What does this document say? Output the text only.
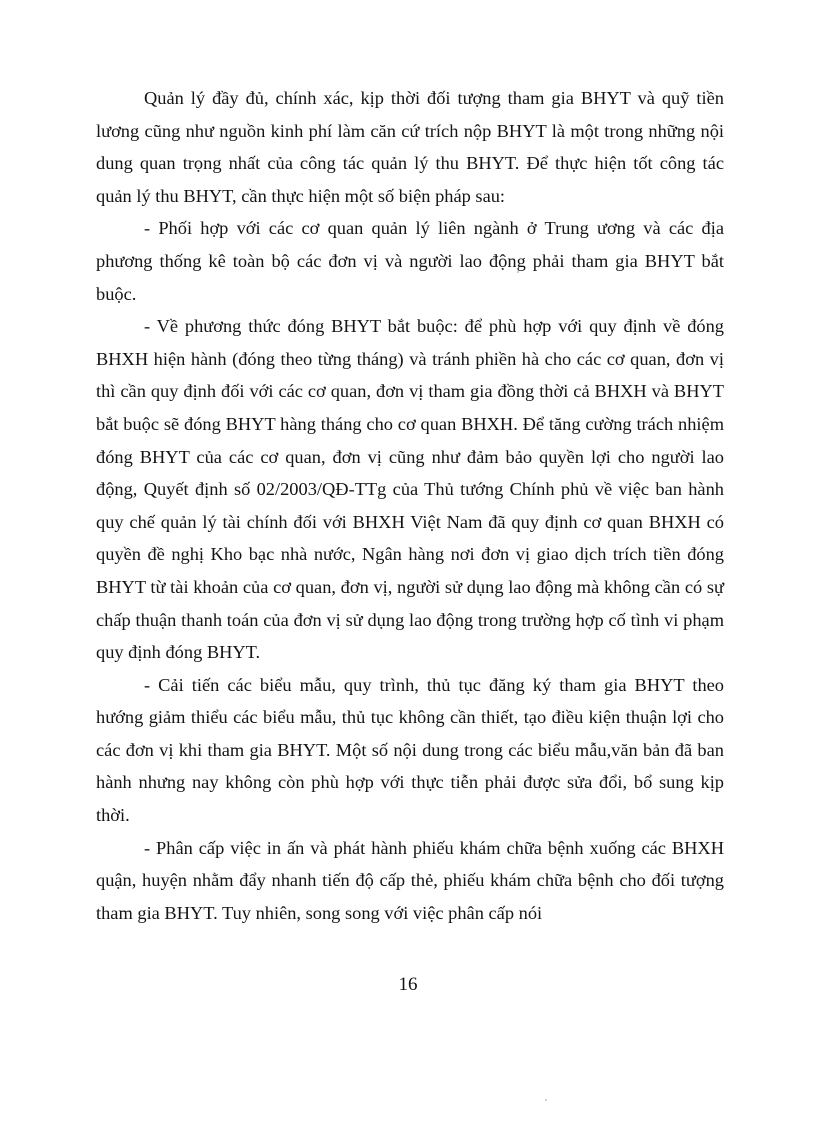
Quản lý đầy đủ, chính xác, kịp thời đối tượng tham gia BHYT và quỹ tiền lương cũng như nguồn kinh phí làm căn cứ trích nộp BHYT là một trong những nội dung quan trọng nhất của công tác quản lý thu BHYT. Để thực hiện tốt công tác quản lý thu BHYT, cần thực hiện một số biện pháp sau:

- Phối hợp với các cơ quan quản lý liên ngành ở Trung ương và các địa phương thống kê toàn bộ các đơn vị và người lao động phải tham gia BHYT bắt buộc.

- Về phương thức đóng BHYT bắt buộc: để phù hợp với quy định về đóng BHXH hiện hành (đóng theo từng tháng) và tránh phiền hà cho các cơ quan, đơn vị thì cần quy định đối với các cơ quan, đơn vị tham gia đồng thời cả BHXH và BHYT bắt buộc sẽ đóng BHYT hàng tháng cho cơ quan BHXH. Để tăng cường trách nhiệm đóng BHYT của các cơ quan, đơn vị cũng như đảm bảo quyền lợi cho người lao động, Quyết định số 02/2003/QĐ-TTg của Thủ tướng Chính phủ về việc ban hành quy chế quản lý tài chính đối với BHXH Việt Nam đã quy định cơ quan BHXH có quyền đề nghị Kho bạc nhà nước, Ngân hàng nơi đơn vị giao dịch trích tiền đóng BHYT từ tài khoản của cơ quan, đơn vị, người sử dụng lao động mà không cần có sự chấp thuận thanh toán của đơn vị sử dụng lao động trong trường hợp cố tình vi phạm quy định đóng BHYT.

- Cải tiến các biểu mẫu, quy trình, thủ tục đăng ký tham gia BHYT theo hướng giảm thiểu các biểu mẫu, thủ tục không cần thiết, tạo điều kiện thuận lợi cho các đơn vị khi tham gia BHYT. Một số nội dung trong các biểu mẫu,văn bản đã ban hành nhưng nay không còn phù hợp với thực tiễn phải được sửa đổi, bổ sung kịp thời.

- Phân cấp việc in ấn và phát hành phiếu khám chữa bệnh xuống các BHXH quận, huyện nhằm đẩy nhanh tiến độ cấp thẻ, phiếu khám chữa bệnh cho đối tượng tham gia BHYT. Tuy nhiên, song song với việc phân cấp nói

16
